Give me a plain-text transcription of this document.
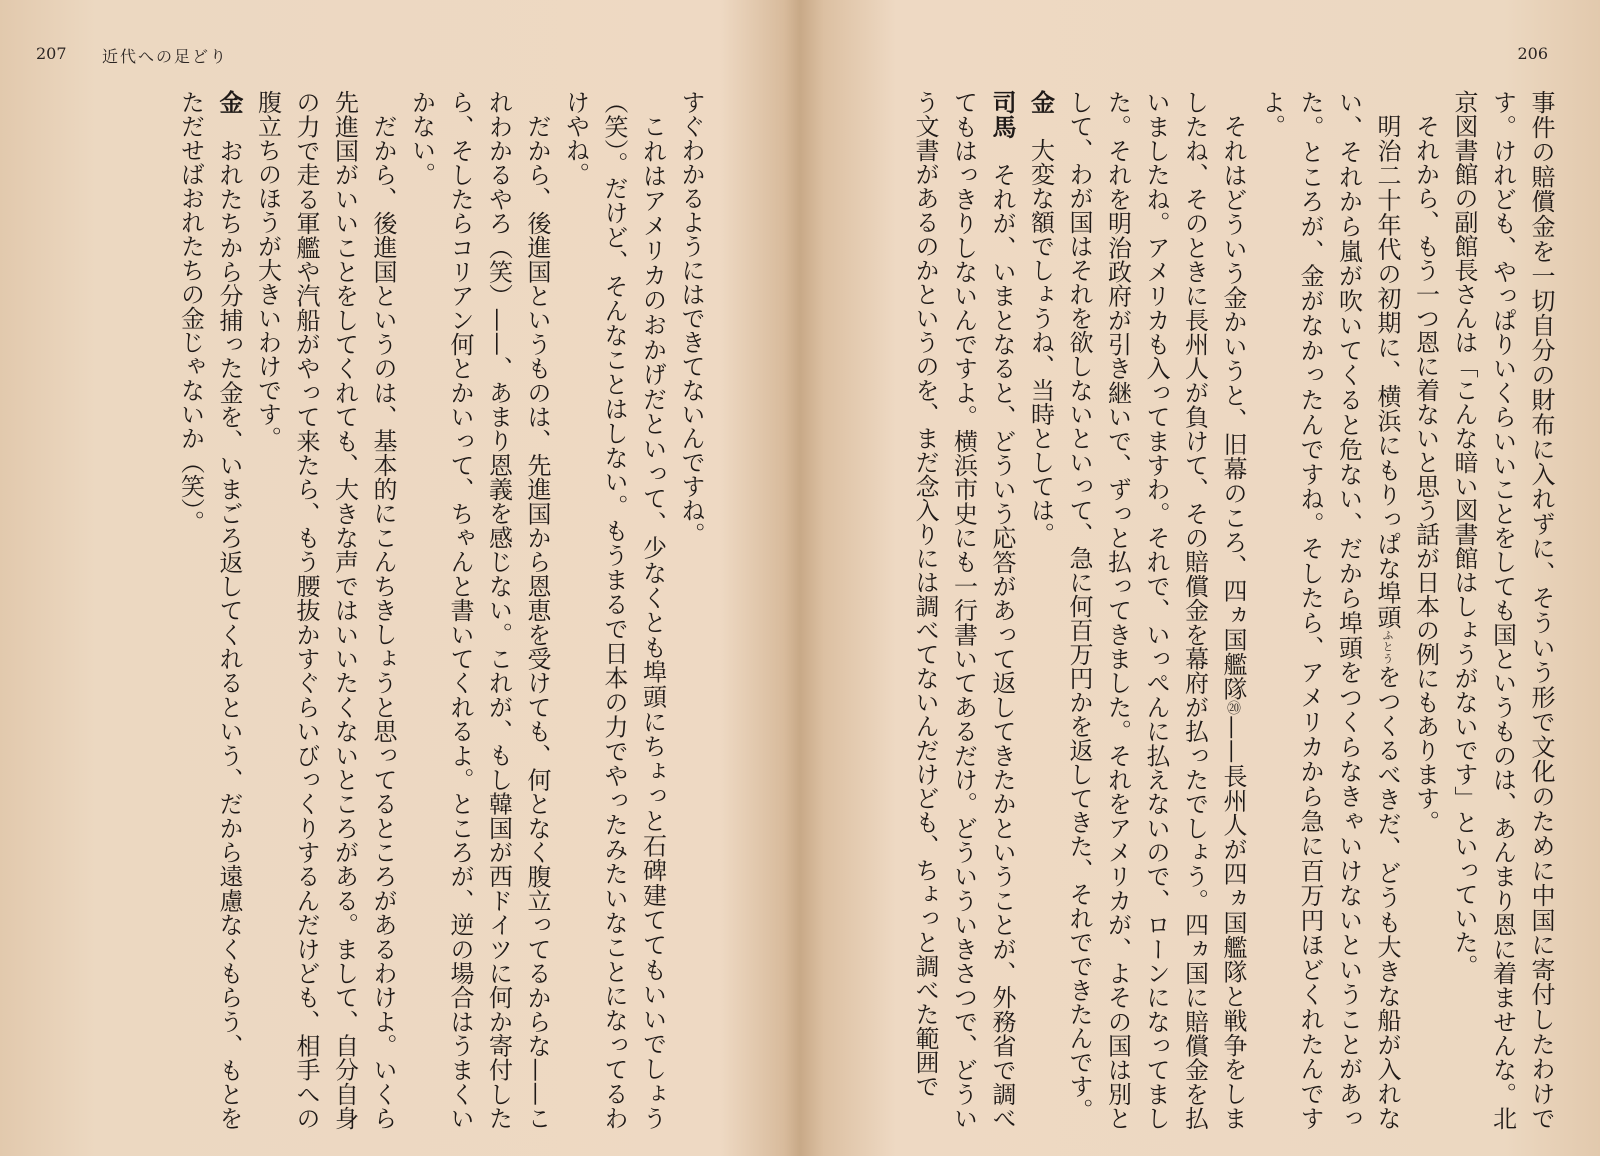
207 近代への足どり

すぐわかるようにはできてないんですね。

これはアメリカのおかげだといって、少なくとも埠頭にちょっと石碑建ててもいいでしょう（笑）。だけど、そんなことはしない。もうまるで日本の力でやったみたいなことになってるわけやね。

だから、後進国というものは、先進国から恩恵を受けても、何となく腹立ってるからな——これわかるやろ（笑）——、あまり恩義を感じない。これが、もし韓国が西ドイツに何か寄付したら、そしたらコリアン何とかいって、ちゃんと書いてくれるよ。ところが、逆の場合はうまくいかない。

だから、後進国というのは、基本的にこんちきしょうと思ってるところがあるわけよ。いくら先進国がいいことをしてくれても、大きな声ではいいたくないところがある。まして、自分自身の力で走る軍艦や汽船がやって来たら、もう腰抜かすぐらいびっくりするんだけども、相手への腹立ちのほうが大きいわけです。

金　おれたちから分捕った金を、いまごろ返してくれるという、だから遠慮なくもらう、もとをただせばおれたちの金じゃないか（笑）。

206

事件の賠償金を一切自分の財布に入れずに、そういう形で文化のために中国に寄付したわけです。けれども、やっぱりいくらいいことをしても国というものは、あんまり恩に着ませんな。北京図書館の副館長さんは「こんな暗い図書館はしょうがないです」といっていた。

それから、もう一つ恩に着ないと思う話が日本の例にもあります。

明治二十年代の初期に、横浜にもりっぱな埠頭ふとうをつくるべきだ、どうも大きな船が入れない、それから嵐が吹いてくると危ない、だから埠頭をつくらなきゃいけないということがあった。ところが、金がなかったんですね。そしたら、アメリカから急に百万円ほどくれたんですよ。

それはどういう金かいうと、旧幕のころ、四ヵ国艦隊⑳——長州人が四ヵ国艦隊と戦争をしましたね、そのときに長州人が負けて、その賠償金を幕府が払ったでしょう。四ヵ国に賠償金を払いましたね。アメリカも入ってますわ。それで、いっぺんに払えないので、ローンになってました。それを明治政府が引き継いで、ずっと払ってきました。それをアメリカが、よその国は別として、わが国はそれを欲しないといって、急に何百万円かを返してきた、それでできたんです。

金　大変な額でしょうね、当時としては。

司馬　それが、いまとなると、どういう応答があって返してきたかということが、外務省で調べてもはっきりしないんですよ。横浜市史にも一行書いてあるだけ。どういういきさつで、どういう文書があるのかというのを、まだ念入りには調べてないんだけども、ちょっと調べた範囲で
